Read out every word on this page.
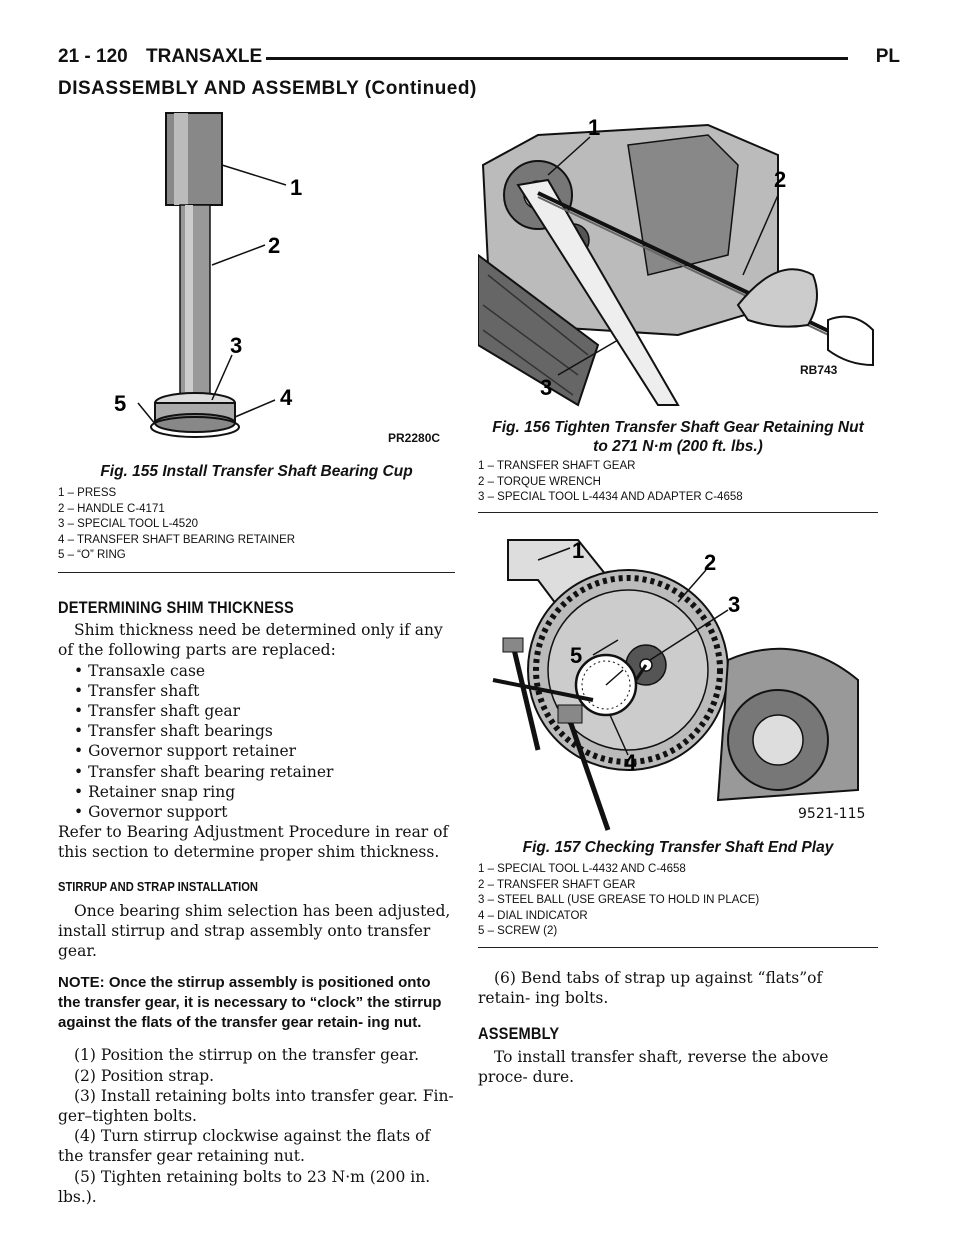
21 - 120 TRANSAXLE	PL
DISASSEMBLY AND ASSEMBLY (Continued)
1
2
3
4
5
PR2280C
Fig. 155 Install Transfer Shaft Bearing Cup
1 – PRESS
2 – HANDLE C-4171
3 – SPECIAL TOOL L-4520
4 – TRANSFER SHAFT BEARING RETAINER
5 – “O” RING
DETERMINING SHIM THICKNESS

Shim thickness need be determined only if any of the following parts are replaced:

• Transaxle case
• Transfer shaft
• Transfer shaft gear
• Transfer shaft bearings
• Governor support retainer
• Transfer shaft bearing retainer
• Retainer snap ring
• Governor support

Refer to Bearing Adjustment Procedure in rear of this section to determine proper shim thickness.

STIRRUP AND STRAP INSTALLATION

Once bearing shim selection has been adjusted, install stirrup and strap assembly onto transfer gear.

NOTE: Once the stirrup assembly is positioned onto the transfer gear, it is necessary to “clock” the stirrup against the flats of the transfer gear retain- ing nut.

(1) Position the stirrup on the transfer gear.

(2) Position strap.

(3) Install retaining bolts into transfer gear. Fin- ger–tighten bolts.

(4) Turn stirrup clockwise against the flats of the transfer gear retaining nut.

(5) Tighten retaining bolts to 23 N·m (200 in. lbs.).

1
2
3
RB743
Fig. 156 Tighten Transfer Shaft Gear Retaining Nut
to 271 N·m (200 ft. lbs.)
1 – TRANSFER SHAFT GEAR
2 – TORQUE WRENCH
3 – SPECIAL TOOL L-4434 AND ADAPTER C-4658
1	2
3
5
4
9521-115
Fig. 157 Checking Transfer Shaft End Play
1 – SPECIAL TOOL L-4432 AND C-4658
2 – TRANSFER SHAFT GEAR
3 – STEEL BALL (USE GREASE TO HOLD IN PLACE)
4 – DIAL INDICATOR
5 – SCREW (2)

(6) Bend tabs of strap up against “flats”of retain- ing bolts.

ASSEMBLY

To install transfer shaft, reverse the above proce- dure.
